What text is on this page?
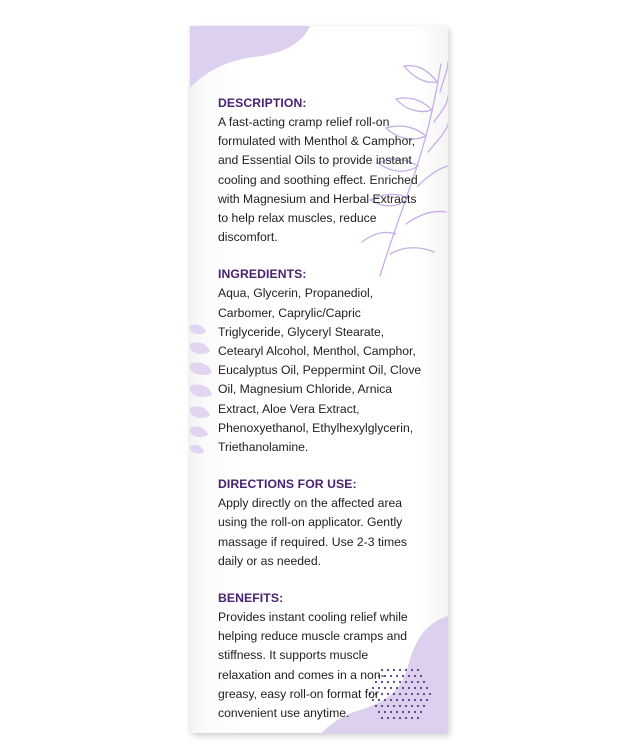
DESCRIPTION:

A fast-acting cramp relief roll-on
formulated with Menthol & Camphor,
and Essential Oils to provide instant
cooling and soothing effect. Enriched
with Magnesium and Herbal Extracts
to help relax muscles, reduce
discomfort.

INGREDIENTS:

Aqua, Glycerin, Propanediol,
Carbomer, Caprylic/Capric
Triglyceride, Glyceryl Stearate,
Cetearyl Alcohol, Menthol, Camphor,
Eucalyptus Oil, Peppermint Oil, Clove
Oil, Magnesium Chloride, Arnica
Extract, Aloe Vera Extract,
Phenoxyethanol, Ethylhexylglycerin,
Triethanolamine.

DIRECTIONS FOR USE:

Apply directly on the affected area
using the roll-on applicator. Gently
massage if required. Use 2-3 times
daily or as needed.

BENEFITS:

Provides instant cooling relief while
helping reduce muscle cramps and
stiffness. It supports muscle
relaxation and comes in a non-
greasy, easy roll-on format for
convenient use anytime.
